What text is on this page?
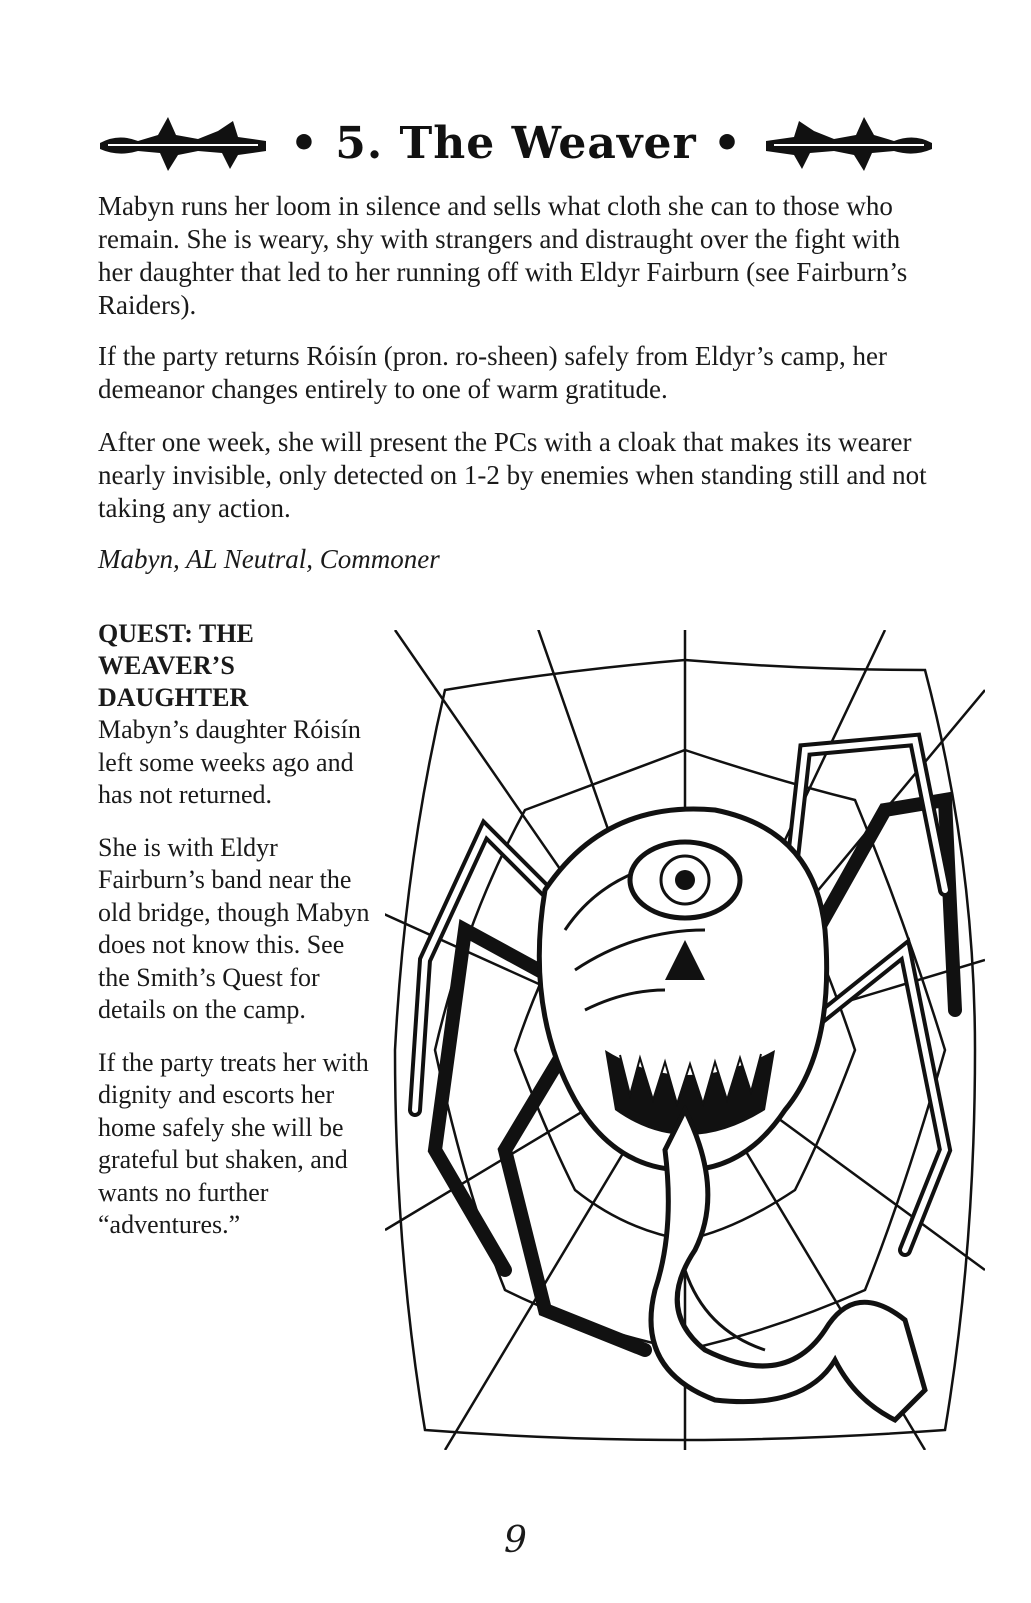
• 5. The Weaver •

Mabyn runs her loom in silence and sells what cloth she can to those who remain. She is weary, shy with strangers and distraught over the fight with her daughter that led to her running off with Eldyr Fairburn (see Fairburn’s Raiders).

If the party returns Róisín (pron. ro-sheen) safely from Eldyr’s camp, her demeanor changes entirely to one of warm gratitude.

After one week, she will present the PCs with a cloak that makes its wearer nearly invisible, only detected on 1-2 by enemies when standing still and not taking any action.

Mabyn, AL Neutral, Commoner

QUEST: THE WEAVER’S DAUGHTER

Mabyn’s daughter Róisín left some weeks ago and has not returned.

She is with Eldyr Fairburn’s band near the old bridge, though Mabyn does not know this. See the Smith’s Quest for details on the camp.

If the party treats her with dignity and escorts her home safely she will be grateful but shaken, and wants no further “adventures.”

9
